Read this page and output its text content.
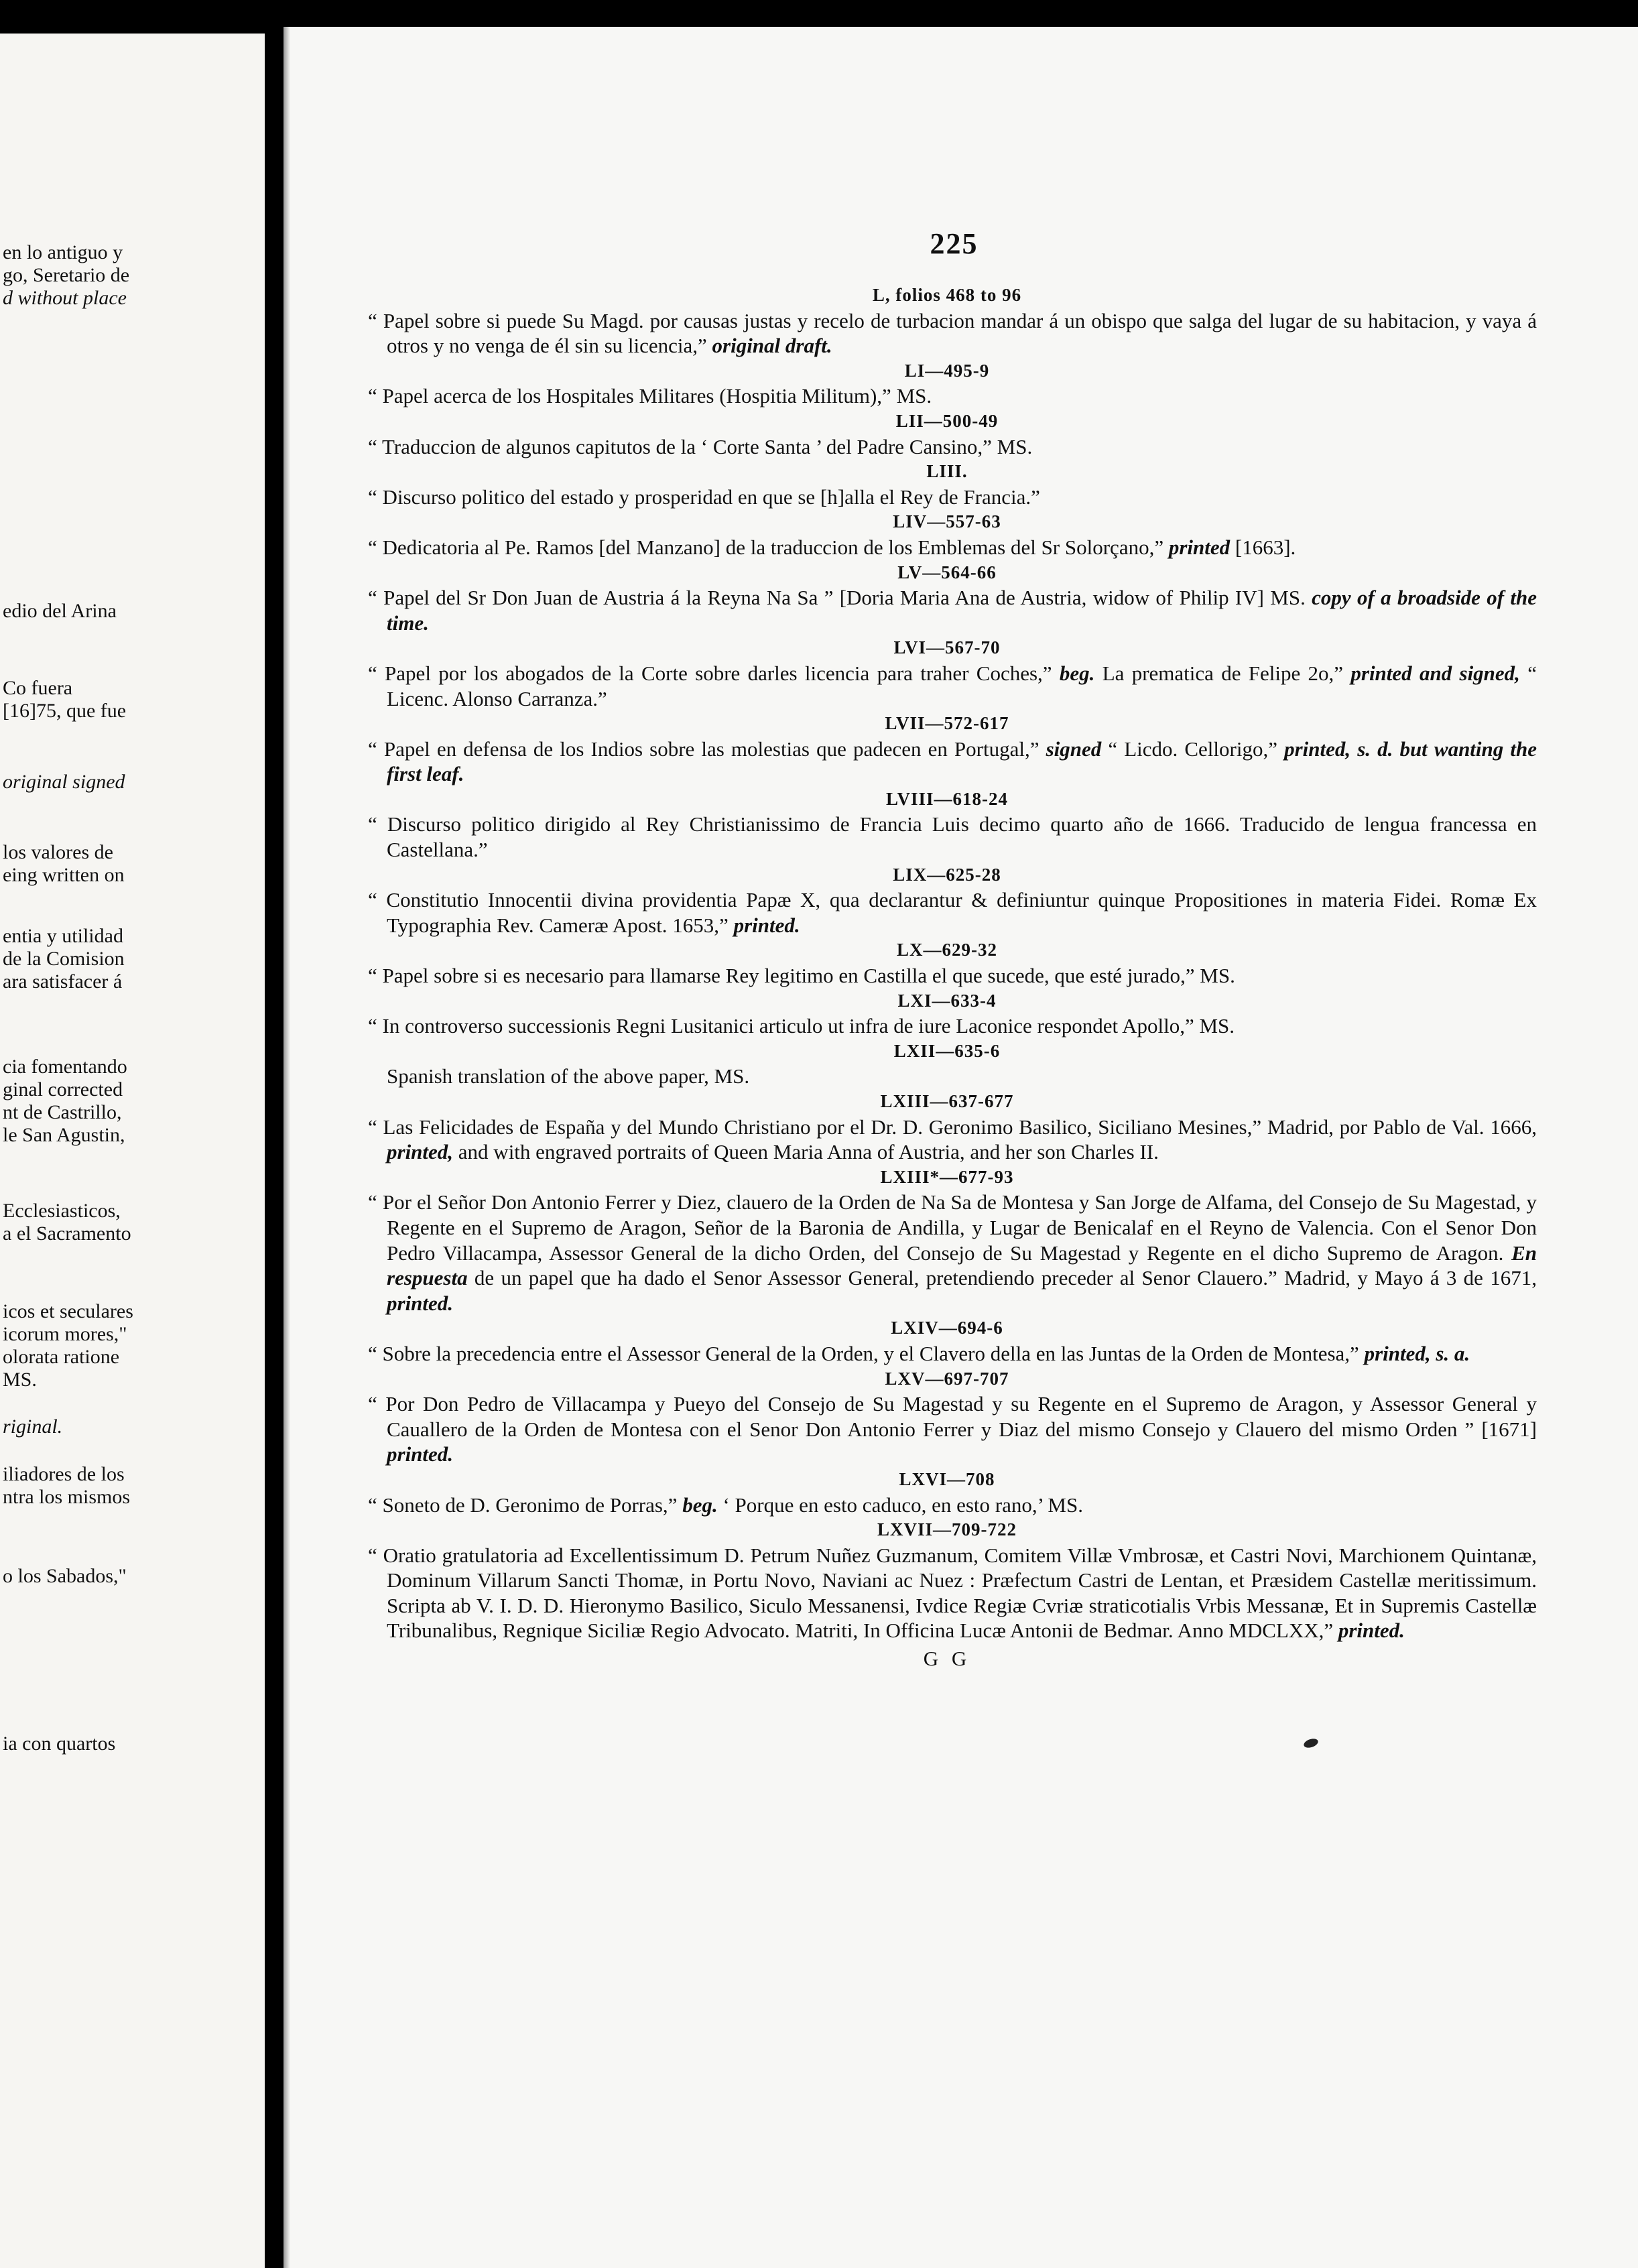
en lo antiguo y
go, Seretario de
d without place
edio del Arina
Co fuera
[16]75, que fue
original signed
los valores de
eing written on
entia y utilidad
de la Comision
ara satisfacer á
cia fomentando
ginal corrected
nt de Castrillo,
le San Agustin,
Ecclesiasticos,
a el Sacramento
icos et seculares
icorum mores,"
olorata ratione
MS.
riginal.
iliadores de los
ntra los mismos
o los Sabados,"
ia con quartos
225
L, folios 468 to 96
“ Papel sobre si puede Su Magd. por causas justas y recelo de turbacion mandar á un obispo que salga del lugar de su habitacion, y vaya á otros y no venga de él sin su licencia,” original draft.
LI—495-9
“ Papel acerca de los Hospitales Militares (Hospitia Militum),” MS.
LII—500-49
“ Traduccion de algunos capitutos de la ‘ Corte Santa ’ del Padre Cansino,” MS.
LIII.
“ Discurso politico del estado y prosperidad en que se [h]alla el Rey de Francia.”
LIV—557-63
“ Dedicatoria al Pe. Ramos [del Manzano] de la traduccion de los Emblemas del Sr Solorçano,” printed [1663].
LV—564-66
“ Papel del Sr Don Juan de Austria á la Reyna Na Sa ” [Doria Maria Ana de Austria, widow of Philip IV] MS. copy of a broadside of the time.
LVI—567-70
“ Papel por los abogados de la Corte sobre darles licencia para traher Coches,” beg. La prematica de Felipe 2o,” printed and signed, “ Licenc. Alonso Carranza.”
LVII—572-617
“ Papel en defensa de los Indios sobre las molestias que padecen en Portugal,” signed “ Licdo. Cellorigo,” printed, s. d. but wanting the first leaf.
LVIII—618-24
“ Discurso politico dirigido al Rey Christianissimo de Francia Luis decimo quarto año de 1666. Traducido de lengua francessa en Castellana.”
LIX—625-28
“ Constitutio Innocentii divina providentia Papæ X, qua declarantur & definiuntur quinque Propositiones in materia Fidei. Romæ Ex Typographia Rev. Cameræ Apost. 1653,” printed.
LX—629-32
“ Papel sobre si es necesario para llamarse Rey legitimo en Castilla el que sucede, que esté jurado,” MS.
LXI—633-4
“ In controverso successionis Regni Lusitanici articulo ut infra de iure Laconice respondet Apollo,” MS.
LXII—635-6
Spanish translation of the above paper, MS.
LXIII—637-677
“ Las Felicidades de España y del Mundo Christiano por el Dr. D. Geronimo Basilico, Siciliano Mesines,” Madrid, por Pablo de Val. 1666, printed, and with engraved portraits of Queen Maria Anna of Austria, and her son Charles II.
LXIII*—677-93
“ Por el Señor Don Antonio Ferrer y Diez, clauero de la Orden de Na Sa de Montesa y San Jorge de Alfama, del Consejo de Su Magestad, y Regente en el Supremo de Aragon, Señor de la Baronia de Andilla, y Lugar de Benicalaf en el Reyno de Valencia. Con el Senor Don Pedro Villacampa, Assessor General de la dicho Orden, del Consejo de Su Magestad y Regente en el dicho Supremo de Aragon. En respuesta de un papel que ha dado el Senor Assessor General, pretendiendo preceder al Senor Clauero.” Madrid, y Mayo á 3 de 1671, printed.
LXIV—694-6
“ Sobre la precedencia entre el Assessor General de la Orden, y el Clavero della en las Juntas de la Orden de Montesa,” printed, s. a.
LXV—697-707
“ Por Don Pedro de Villacampa y Pueyo del Consejo de Su Magestad y su Regente en el Supremo de Aragon, y Assessor General y Cauallero de la Orden de Montesa con el Senor Don Antonio Ferrer y Diaz del mismo Consejo y Clauero del mismo Orden ” [1671] printed.
LXVI—708
“ Soneto de D. Geronimo de Porras,” beg. ‘ Porque en esto caduco, en esto rano,’ MS.
LXVII—709-722
“ Oratio gratulatoria ad Excellentissimum D. Petrum Nuñez Guzmanum, Comitem Villæ Vmbrosæ, et Castri Novi, Marchionem Quintanæ, Dominum Villarum Sancti Thomæ, in Portu Novo, Naviani ac Nuez : Præfectum Castri de Lentan, et Præsidem Castellæ meritissimum. Scripta ab V. I. D. D. Hieronymo Basilico, Siculo Messanensi, Ivdice Regiæ Cvriæ straticotialis Vrbis Messanæ, Et in Supremis Castellæ Tribunalibus, Regnique Siciliæ Regio Advocato. Matriti, In Officina Lucæ Antonii de Bedmar. Anno MDCLXX,” printed.
G G
